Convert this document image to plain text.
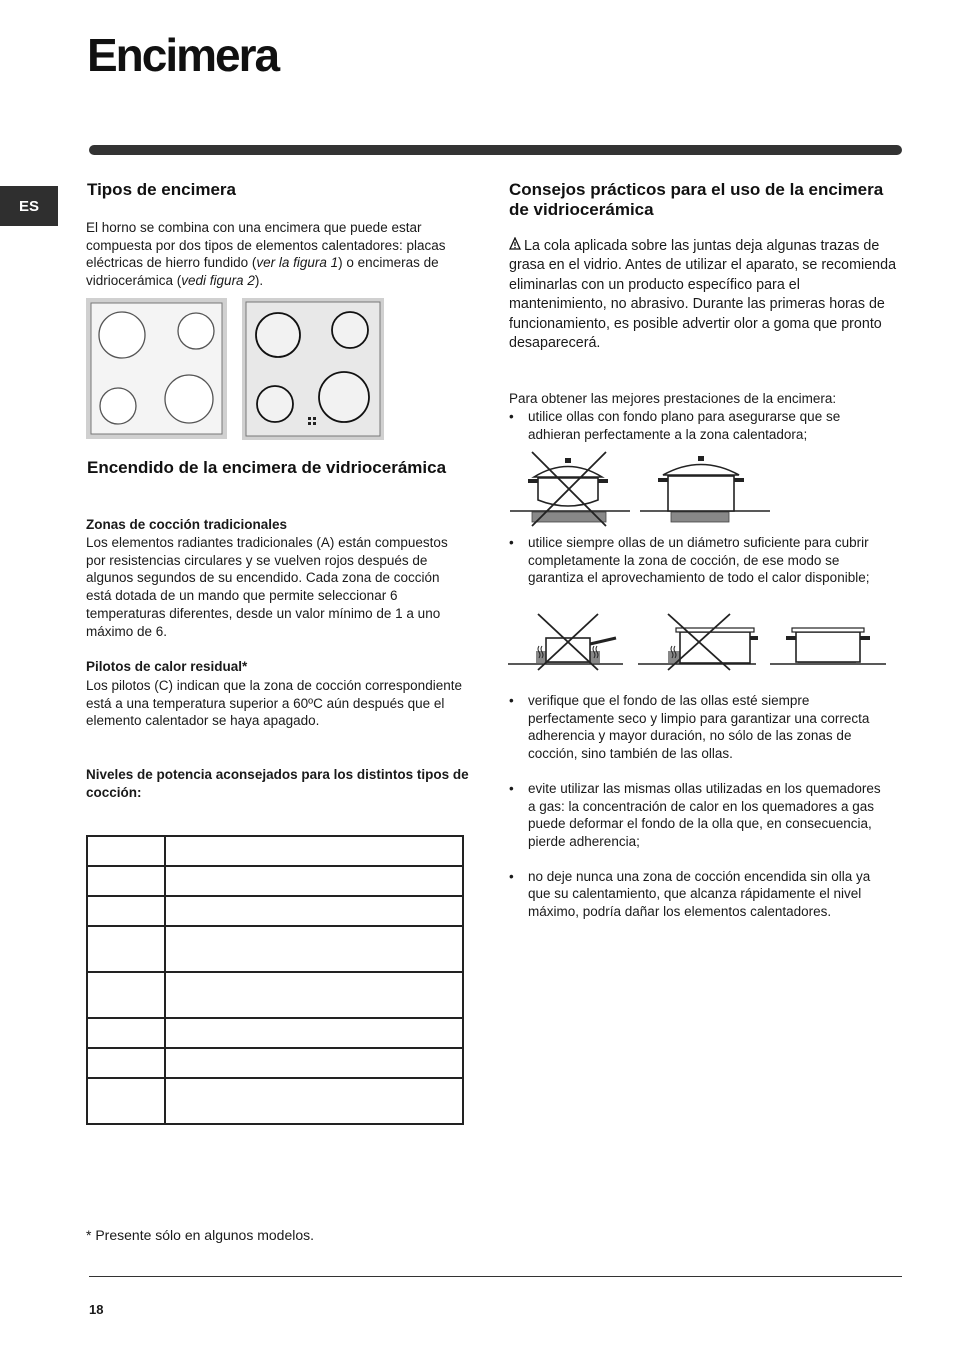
Encimera
ES
Tipos de encimera

El horno se combina con una encimera que puede estar compuesta por dos tipos de elementos calentadores: placas eléctricas de hierro fundido (ver la figura 1) o encimeras de vidriocerámica (vedi figura 2).

Encendido de la encimera de vidriocerámica

Zonas de cocción tradicionales

Los elementos radiantes tradicionales (A) están compuestos por resistencias circulares y se vuelven rojos después de algunos segundos de su encendido. Cada zona de cocción está dotada de un mando que permite seleccionar 6 temperaturas diferentes, desde un valor mínimo de 1 a uno máximo de 6.

Pilotos de calor residual*

Los pilotos (C) indican que la zona de cocción correspondiente está a una temperatura superior a 60ºC aún después que el elemento calentador se haya apagado.

Niveles de potencia aconsejados para los distintos tipos de cocción:

Consejos prácticos para el uso de la encimera de vidriocerámica

La cola aplicada sobre las juntas deja algunas trazas de grasa en el vidrio. Antes de utilizar el aparato, se recomienda eliminarlas con un producto específico para el mantenimiento, no abrasivo. Durante las primeras horas de funcionamiento, es posible advertir olor a goma que pronto desaparecerá.

Para obtener las mejores prestaciones de la encimera:

• utilice ollas con fondo plano para asegurarse que se adhieran perfectamente a la zona calentadora;
• utilice siempre ollas de un diámetro suficiente para cubrir completamente la zona de cocción, de ese modo se garantiza el aprovechamiento de todo el calor disponible;
• verifique que el fondo de las ollas esté siempre perfectamente seco y limpio para garantizar una correcta adherencia y mayor duración, no sólo de las zonas de cocción, sino también de las ollas.
• evite utilizar las mismas ollas utilizadas en los quemadores a gas: la concentración de calor en los quemadores a gas puede deformar el fondo de la olla que, en consecuencia, pierde adherencia;
• no deje nunca una zona de cocción encendida sin olla ya que su calentamiento, que alcanza rápidamente el nivel máximo, podría dañar los elementos calentadores.

* Presente sólo en algunos modelos.

18
